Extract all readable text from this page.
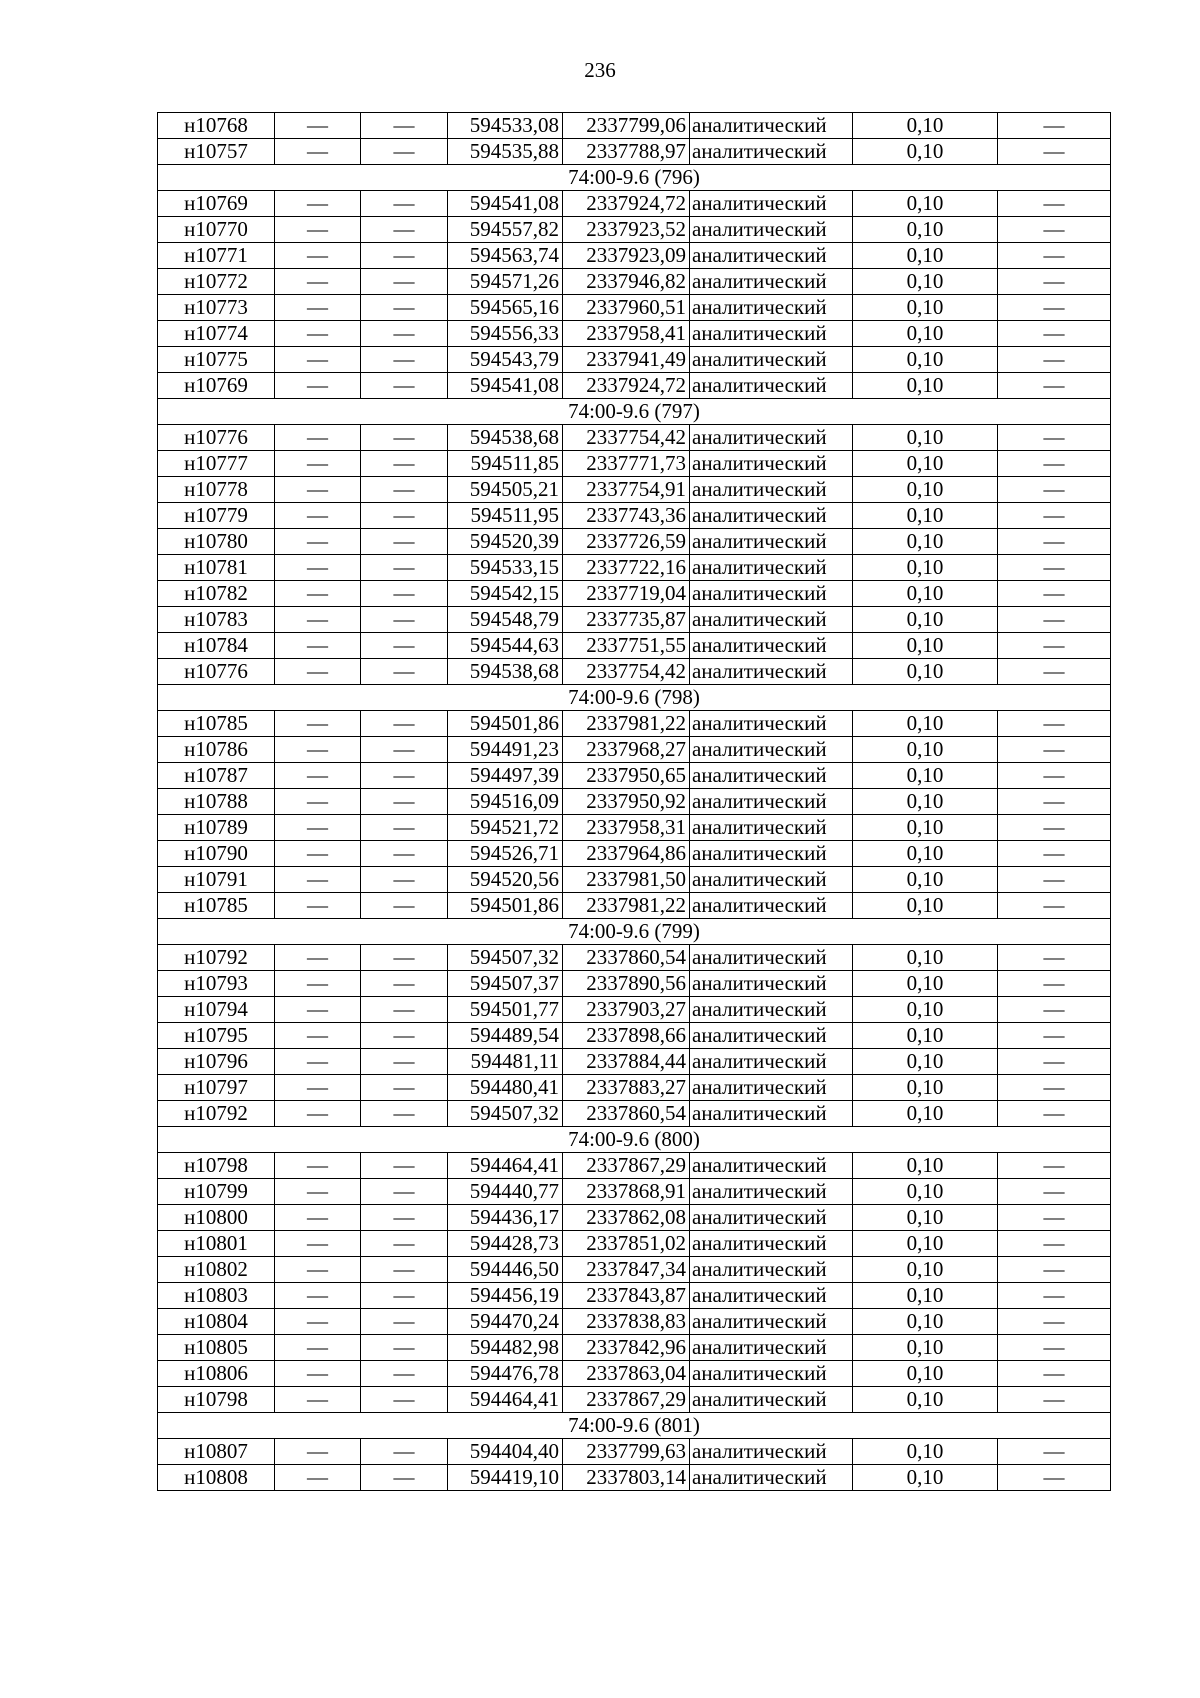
236
н10768	—	—	594533,08	2337799,06	аналитический	0,10	—
н10757	—	—	594535,88	2337788,97	аналитический	0,10	—
74:00-9.6 (796)							
н10769	—	—	594541,08	2337924,72	аналитический	0,10	—
н10770	—	—	594557,82	2337923,52	аналитический	0,10	—
н10771	—	—	594563,74	2337923,09	аналитический	0,10	—
н10772	—	—	594571,26	2337946,82	аналитический	0,10	—
н10773	—	—	594565,16	2337960,51	аналитический	0,10	—
н10774	—	—	594556,33	2337958,41	аналитический	0,10	—
н10775	—	—	594543,79	2337941,49	аналитический	0,10	—
н10769	—	—	594541,08	2337924,72	аналитический	0,10	—
74:00-9.6 (797)							
н10776	—	—	594538,68	2337754,42	аналитический	0,10	—
н10777	—	—	594511,85	2337771,73	аналитический	0,10	—
н10778	—	—	594505,21	2337754,91	аналитический	0,10	—
н10779	—	—	594511,95	2337743,36	аналитический	0,10	—
н10780	—	—	594520,39	2337726,59	аналитический	0,10	—
н10781	—	—	594533,15	2337722,16	аналитический	0,10	—
н10782	—	—	594542,15	2337719,04	аналитический	0,10	—
н10783	—	—	594548,79	2337735,87	аналитический	0,10	—
н10784	—	—	594544,63	2337751,55	аналитический	0,10	—
н10776	—	—	594538,68	2337754,42	аналитический	0,10	—
74:00-9.6 (798)							
н10785	—	—	594501,86	2337981,22	аналитический	0,10	—
н10786	—	—	594491,23	2337968,27	аналитический	0,10	—
н10787	—	—	594497,39	2337950,65	аналитический	0,10	—
н10788	—	—	594516,09	2337950,92	аналитический	0,10	—
н10789	—	—	594521,72	2337958,31	аналитический	0,10	—
н10790	—	—	594526,71	2337964,86	аналитический	0,10	—
н10791	—	—	594520,56	2337981,50	аналитический	0,10	—
н10785	—	—	594501,86	2337981,22	аналитический	0,10	—
74:00-9.6 (799)							
н10792	—	—	594507,32	2337860,54	аналитический	0,10	—
н10793	—	—	594507,37	2337890,56	аналитический	0,10	—
н10794	—	—	594501,77	2337903,27	аналитический	0,10	—
н10795	—	—	594489,54	2337898,66	аналитический	0,10	—
н10796	—	—	594481,11	2337884,44	аналитический	0,10	—
н10797	—	—	594480,41	2337883,27	аналитический	0,10	—
н10792	—	—	594507,32	2337860,54	аналитический	0,10	—
74:00-9.6 (800)							
н10798	—	—	594464,41	2337867,29	аналитический	0,10	—
н10799	—	—	594440,77	2337868,91	аналитический	0,10	—
н10800	—	—	594436,17	2337862,08	аналитический	0,10	—
н10801	—	—	594428,73	2337851,02	аналитический	0,10	—
н10802	—	—	594446,50	2337847,34	аналитический	0,10	—
н10803	—	—	594456,19	2337843,87	аналитический	0,10	—
н10804	—	—	594470,24	2337838,83	аналитический	0,10	—
н10805	—	—	594482,98	2337842,96	аналитический	0,10	—
н10806	—	—	594476,78	2337863,04	аналитический	0,10	—
н10798	—	—	594464,41	2337867,29	аналитический	0,10	—
74:00-9.6 (801)							
н10807	—	—	594404,40	2337799,63	аналитический	0,10	—
н10808	—	—	594419,10	2337803,14	аналитический	0,10	—
